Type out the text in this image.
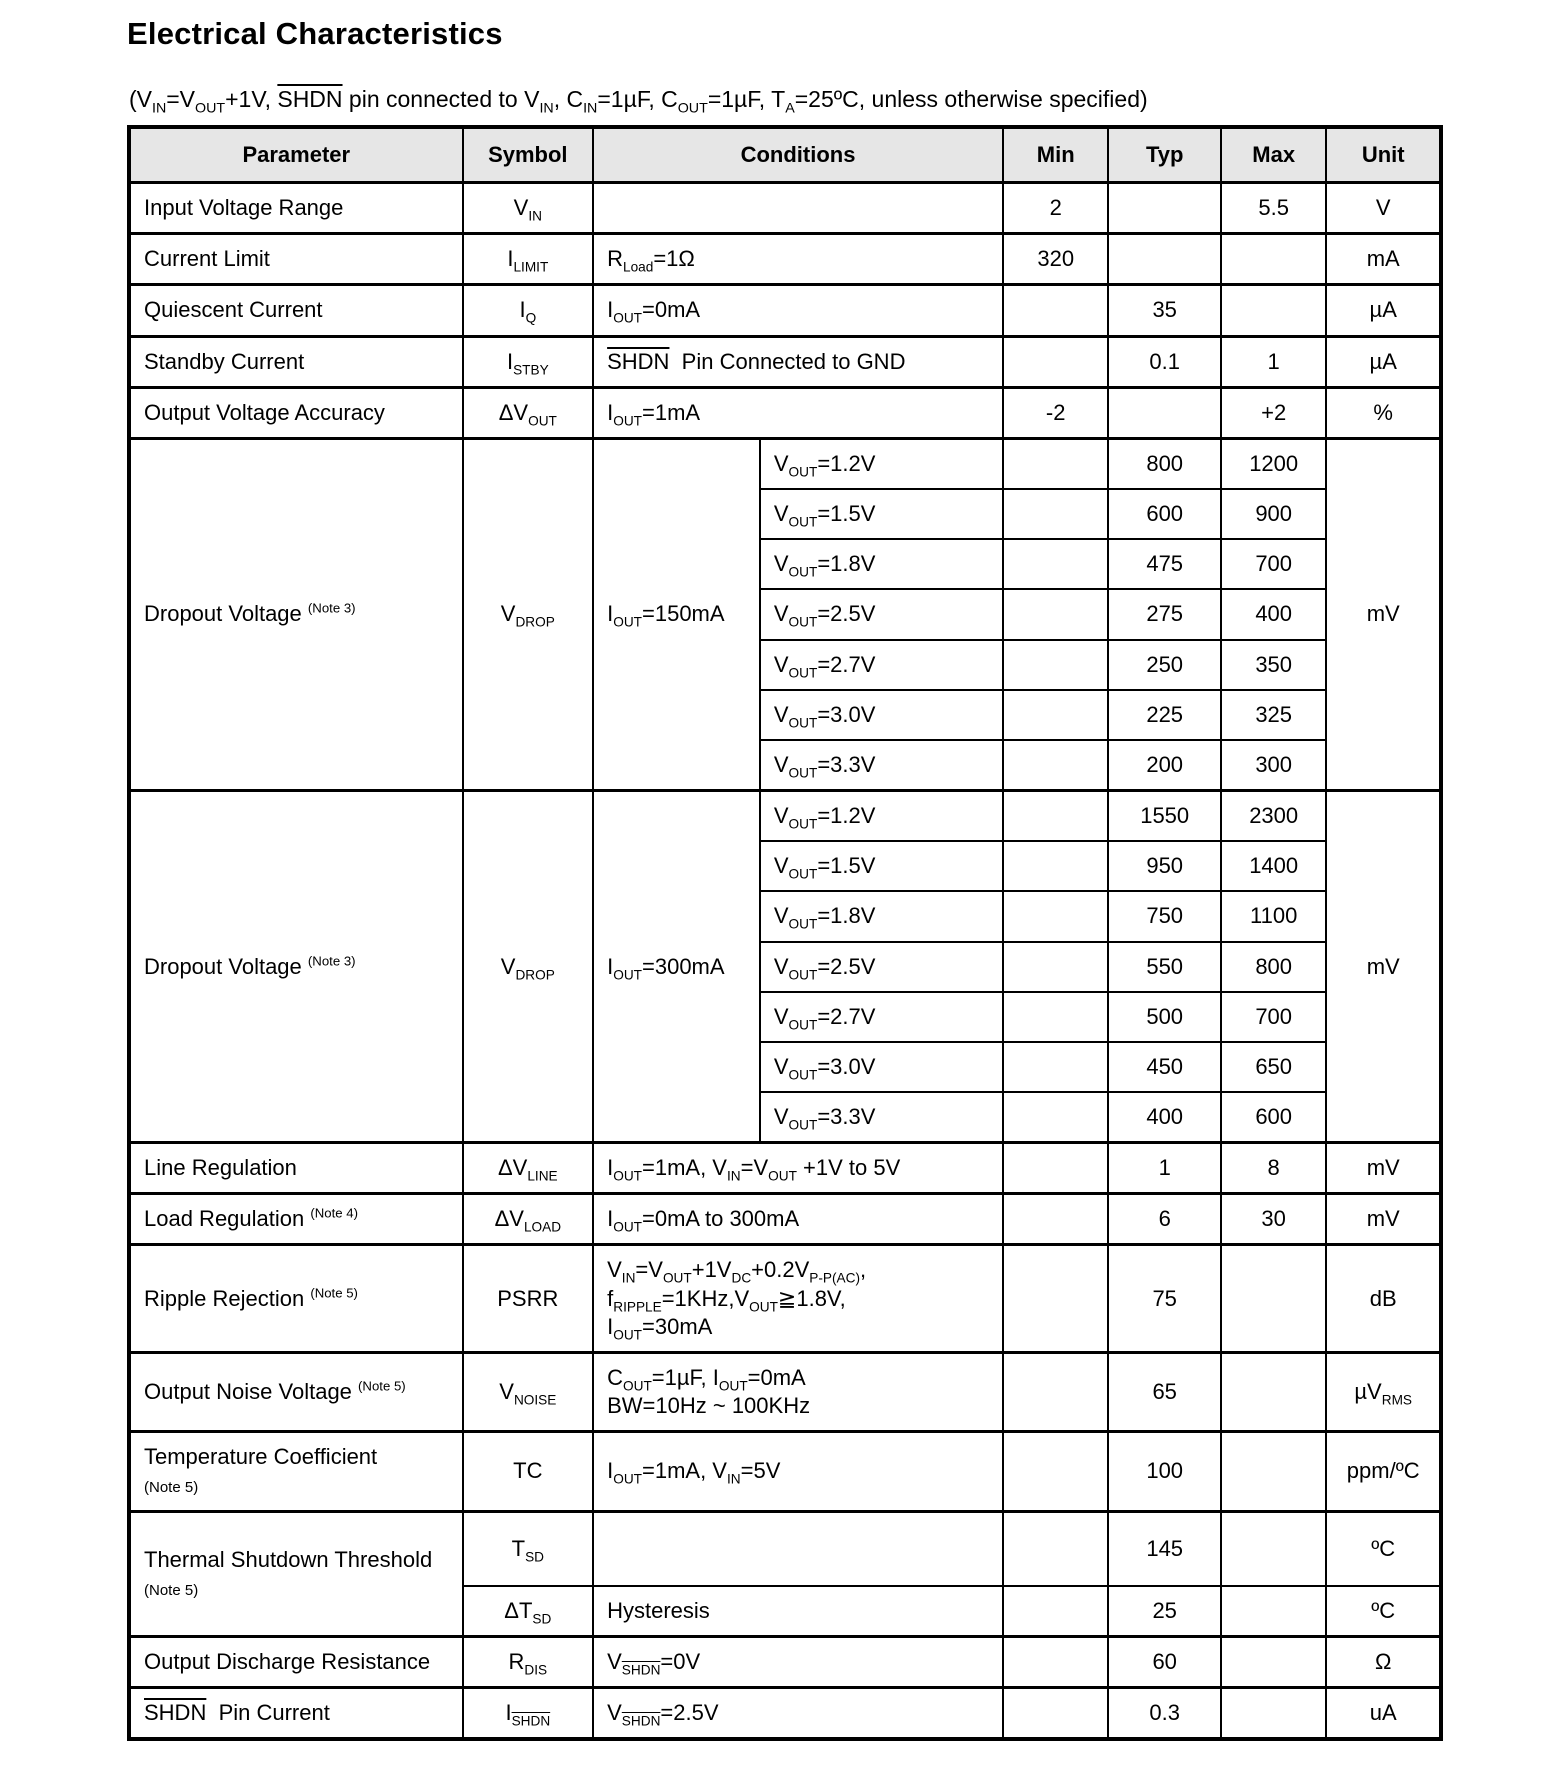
Electrical Characteristics

($V_{IN}=V_{OUT}+1V$, SHDN pin connected to $V_{IN}$, $C_{IN}=1\mu F$, $C_{OUT}=1\mu F$, $T_A=25ºC$, unless otherwise specified)

Parameter	Symbol	Conditions		Min	Typ	Max	Unit
Input Voltage Range	$V_{IN}$			2		5.5	V
Current Limit	$I_{LIMIT}$	$R_{Load}=1\Omega$		320			mA
Quiescent Current	$I_Q$	$I_{OUT}=0mA$			35		µA
Standby Current	$I_{STBY}$	SHDN  Pin Connected to GND			0.1	1	µA
Output Voltage Accuracy	$\Delta V_{OUT}$	$I_{OUT}=1mA$		-2		+2	%
Dropout Voltage $^{(Note 3)}$	$V_{DROP}$	$I_{OUT}=150mA$	$V_{OUT}=1.2V$		800	1200	mV
			$V_{OUT}=1.5V$		600	900	
			$V_{OUT}=1.8V$		475	700	
			$V_{OUT}=2.5V$		275	400	
			$V_{OUT}=2.7V$		250	350	
			$V_{OUT}=3.0V$		225	325	
			$V_{OUT}=3.3V$		200	300	
Dropout Voltage $^{(Note 3)}$	$V_{DROP}$	$I_{OUT}=300mA$	$V_{OUT}=1.2V$		1550	2300	mV
			$V_{OUT}=1.5V$		950	1400	
			$V_{OUT}=1.8V$		750	1100	
			$V_{OUT}=2.5V$		550	800	
			$V_{OUT}=2.7V$		500	700	
			$V_{OUT}=3.0V$		450	650	
			$V_{OUT}=3.3V$		400	600	
Line Regulation	$\Delta V_{LINE}$	$I_{OUT}=1mA$, $V_{IN}=V_{OUT} +1V$ to 5V			1	8	mV
Load Regulation $^{(Note 4)}$	$\Delta V_{LOAD}$	$I_{OUT}=0mA$ to 300mA			6	30	mV
Ripple Rejection $^{(Note 5)}$	PSRR	$V_{IN}=V_{OUT}+1V_{DC}+0.2V_{P-P(AC)}$,
$f_{RIPPLE}=1KHz,V_{OUT}≧1.8V$,
$I_{OUT}=30mA$			75		dB
Output Noise Voltage $^{(Note 5)}$	$V_{NOISE}$	$C_{OUT}=1\mu F$, $I_{OUT}=0mA$
BW=10Hz ~ 100KHz			65		µV$_{RMS}$
Temperature Coefficient
(Note 5)	TC	$I_{OUT}=1mA$, $V_{IN}=5V$			100		ppm/ºC
Thermal Shutdown Threshold
(Note 5)	$T_{SD}$				145		ºC
	$\Delta T_{SD}$	Hysteresis			25		ºC
Output Discharge Resistance	$R_{DIS}$	$V_{SHDN}=0V$			60		Ω
SHDN  Pin Current	$I_{SHDN}$	$V_{SHDN}=2.5V$			0.3		uA
